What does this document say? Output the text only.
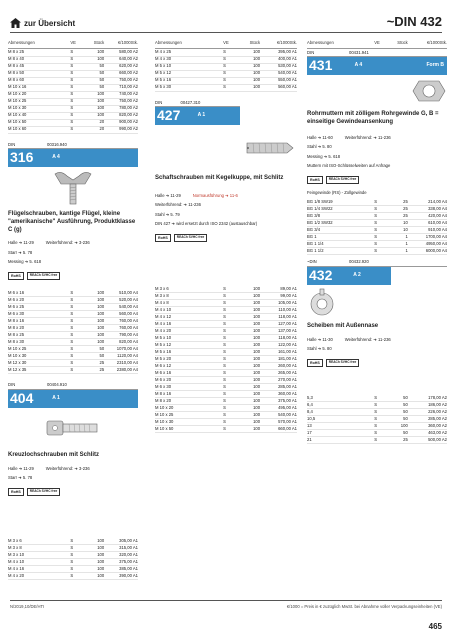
zur Übersicht	~DIN 432
Abmessungen	VE	Stück	€/1000Stk.
M 8 x 25	S	100	580,00 A2
M 8 x 40	S	100	640,00 A2
M 8 x 45	S	50	620,00 A2
M 8 x 50	S	50	660,00 A2
M 8 x 60	S	50	750,00 A2
M 10 x 16	S	50	710,00 A2
M 10 x 20	S	100	740,00 A2
M 10 x 25	S	100	750,00 A2
M 10 x 30	S	100	780,00 A2
M 10 x 40	S	100	820,00 A2
M 10 x 50	S	20	900,00 A2
M 10 x 60	S	20	990,00 A2
DIN	00316.940
316	A 4
Flügelschrauben, kantige Flügel, kleine "amerikanische" Ausführung, Produktklasse C (g)
Halle ➔ 11-29	Weiterführend: ➔ 3-236
Starr ➔ 5. 78
Messing ➔ 5. 618
RoHS	REACh SVHC free
M 6 x 16	S	100	510,00 A4
M 6 x 20	S	100	520,00 A4
M 6 x 25	S	100	540,00 A4
M 6 x 30	S	100	560,00 A4
M 8 x 16	S	100	760,00 A4
M 8 x 20	S	100	760,00 A4
M 8 x 25	S	100	790,00 A4
M 8 x 30	S	100	820,00 A4
M 10 x 25	S	50	1070,00 A4
M 10 x 30	S	50	1120,00 A4
M 12 x 30	S	25	2310,00 A4
M 12 x 35	S	25	2380,00 A4
DIN	00404.910
404	A 1
Kreuzlochschrauben mit Schlitz
Halle ➔ 11-29	Weiterführend: ➔ 3-236
Starr ➔ 5. 78
RoHS	REACh SVHC free
M 3 x 6	S	100	305,00 A1
M 3 x 8	S	100	315,00 A1
M 3 x 10	S	100	320,00 A1
M 4 x 10	S	100	375,00 A1
M 4 x 16	S	100	385,00 A1
M 4 x 20	S	100	390,00 A1
Abmessungen	VE	Stück	€/1000Stk.
M 4 x 25	S	100	395,00 A1
M 4 x 30	S	100	400,00 A1
M 5 x 10	S	100	530,00 A1
M 5 x 12	S	100	540,00 A1
M 5 x 16	S	100	550,00 A1
M 5 x 30	S	100	560,00 A1
DIN	00427.310
427	A 1
Schaftschrauben mit Kegelkuppe, mit Schlitz
Halle ➔ 11-29	Normausführung ➔ 11-6
Weiterführend: ➔ 11-236
Stahl ➔ 5. 79
DIN 427 ➔ wird ersetzt durch ISO 2342 (austauschbar)
RoHS	REACh SVHC free
M 3 x 6	S	100	89,00 A1
M 3 x 8	S	100	99,00 A1
M 4 x 8	S	100	105,00 A1
M 4 x 10	S	100	110,00 A1
M 4 x 12	S	100	118,00 A1
M 4 x 16	S	100	127,00 A1
M 4 x 20	S	100	137,00 A1
M 5 x 10	S	100	118,00 A1
M 5 x 12	S	100	122,00 A1
M 5 x 16	S	100	161,00 A1
M 5 x 20	S	100	181,00 A1
M 6 x 12	S	100	260,00 A1
M 6 x 16	S	100	265,00 A1
M 6 x 20	S	100	270,00 A1
M 6 x 30	S	100	285,00 A1
M 8 x 16	S	100	360,00 A1
M 8 x 20	S	100	375,00 A1
M 10 x 20	S	100	495,00 A1
M 10 x 25	S	100	540,00 A1
M 10 x 30	S	100	570,00 A1
M 10 x 50	S	100	660,00 A1
Abmessungen	VE	Stück	€/1000Stk.
DIN	00431.941
431	A 4	Form B
Rohrmuttern mit zölligem Rohrgewinde G, B = einseitige Gewindeansenkung
Halle ➔ 11-60	Weiterführend: ➔ 11-236
Stahl ➔ 5. 80
Messing ➔ 5. 618
Muttern mit ISO-Schlüsselweiten auf Anfrage
RoHS	REACh SVHC free
Feingewinde (RS) - Zollgewinde
BG 1/8 SW19	S	25	214,00 A4
BG 1/4 SW22	S	25	338,00 A4
BG 3/8	S	25	420,00 A4
BG 1/2 SW32	S	10	610,00 A4
BG 3/4	S	10	910,00 A4
BG 1	S	1	1700,00 A4
BG 1 1/4	S	1	4950,00 A4
BG 1 1/2	S	1	6000,00 A4
~DIN	00432.920
432	A 2
Scheiben mit Außennase
Halle ➔ 11-30	Weiterführend: ➔ 11-236
Stahl ➔ 5. 80
RoHS	REACh SVHC free
5,3	S	50	178,00 A2
6,4	S	50	186,00 A2
8,4	S	50	226,00 A2
10,5	S	50	285,00 A2
13	S	100	360,00 A2
17	S	50	463,00 A2
21	S	25	500,00 A2
N/2019,10/DE/HTI	€/1000 = Preis in € zuzüglich MwSt. bei Abnahme voller Verpackungseinheiten (VE)
465
